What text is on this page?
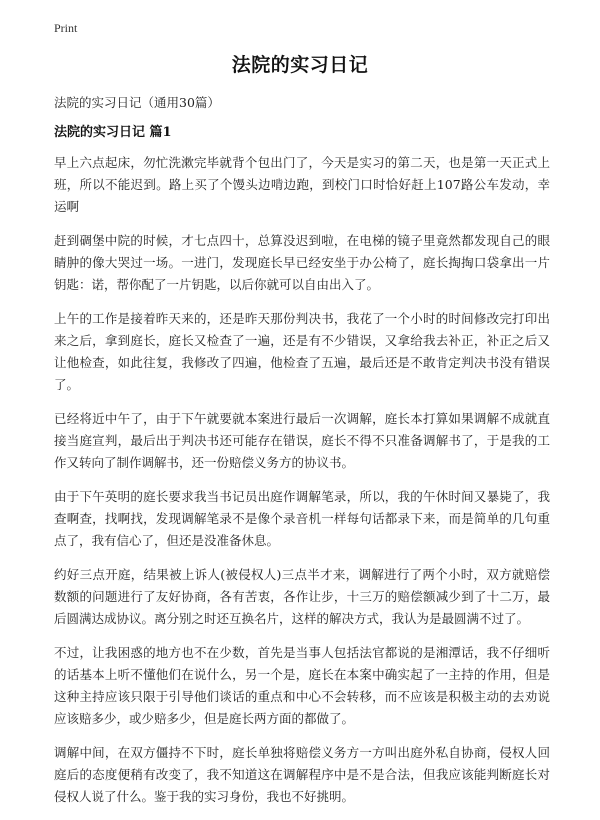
Print
法院的实习日记
法院的实习日记（通用30篇）
法院的实习日记 篇1

早上六点起床，勿忙洗漱完毕就背个包出门了，今天是实习的第二天，也是第一天正式上班，所以不能迟到。路上买了个馒头边啃边跑，到校门口时恰好赶上107路公车发动，幸运啊

赶到碉堡中院的时候，才七点四十，总算没迟到啦，在电梯的镜子里竟然都发现自己的眼睛肿的像大哭过一场。一进门，发现庭长早已经安坐于办公椅了，庭长掏掏口袋拿出一片钥匙：诺，帮你配了一片钥匙，以后你就可以自由出入了。

上午的工作是接着昨天来的，还是昨天那份判决书，我花了一个小时的时间修改完打印出来之后，拿到庭长，庭长又检查了一遍，还是有不少错误，又拿给我去补正，补正之后又让他检查，如此往复，我修改了四遍，他检查了五遍，最后还是不敢肯定判决书没有错误了。

已经将近中午了，由于下午就要就本案进行最后一次调解，庭长本打算如果调解不成就直接当庭宣判，最后出于判决书还可能存在错误，庭长不得不只准备调解书了，于是我的工作又转向了制作调解书，还一份赔偿义务方的协议书。

由于下午英明的庭长要求我当书记员出庭作调解笔录，所以，我的午休时间又暴毙了，我查啊查，找啊找，发现调解笔录不是像个录音机一样每句话都录下来，而是简单的几句重点了，我有信心了，但还是没准备休息。

约好三点开庭，结果被上诉人(被侵权人)三点半才来，调解进行了两个小时，双方就赔偿数额的问题进行了友好协商，各有苦衷，各作让步，十三万的赔偿额减少到了十二万，最后圆满达成协议。离分别之时还互换名片，这样的解决方式，我认为是最圆满不过了。

不过，让我困惑的地方也不在少数，首先是当事人包括法官都说的是湘潭话，我不仔细听的话基本上听不懂他们在说什么，另一个是，庭长在本案中确实起了一主持的作用，但是这种主持应该只限于引导他们谈话的重点和中心不会转移，而不应该是积极主动的去劝说应该赔多少，或少赔多少，但是庭长两方面的都做了。

调解中间，在双方僵持不下时，庭长单独将赔偿义务方一方叫出庭外私自协商，侵权人回庭后的态度便稍有改变了，我不知道这在调解程序中是不是合法，但我应该能判断庭长对侵权人说了什么。鉴于我的实习身份，我也不好挑明。
